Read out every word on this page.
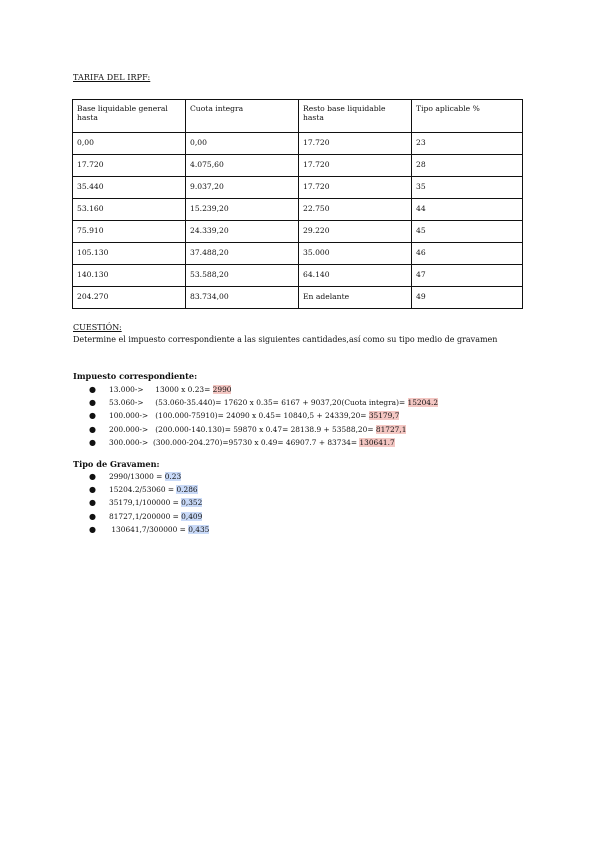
TARIFA DEL IRPF:
Base liquidable general hasta	Cuota integra	Resto base liquidable hasta	Tipo aplicable %
0,00	0,00	17.720	23
17.720	4.075,60	17.720	28
35.440	9.037,20	17.720	35
53.160	15.239,20	22.750	44
75.910	24.339,20	29.220	45
105.130	37.488,20	35.000	46
140.130	53.588,20	64.140	47
204.270	83.734,00	En adelante	49
CUESTIÓN:
Determine el impuesto correspondiente a las siguientes cantidades,así como su tipo medio de gravamen
Impuesto correspondiente:
● 13.000->     13000 x 0.23= 2990
● 53.060->     (53.060-35.440)= 17620 x 0.35= 6167 + 9037,20(Cuota integra)= 15204.2
● 100.000->   (100.000-75910)= 24090 x 0.45= 10840,5 + 24339,20= 35179,7
● 200.000->   (200.000-140.130)= 59870 x 0.47= 28138.9 + 53588,20= 81727,1
● 300.000->  (300.000-204.270)=95730 x 0.49= 46907.7 + 83734= 130641.7
Tipo de Gravamen:
● 2990/13000 = 0.23
● 15204.2/53060 = 0.286
● 35179,1/100000 = 0,352
● 81727,1/200000 = 0,409
● 130641,7/300000 = 0,435
